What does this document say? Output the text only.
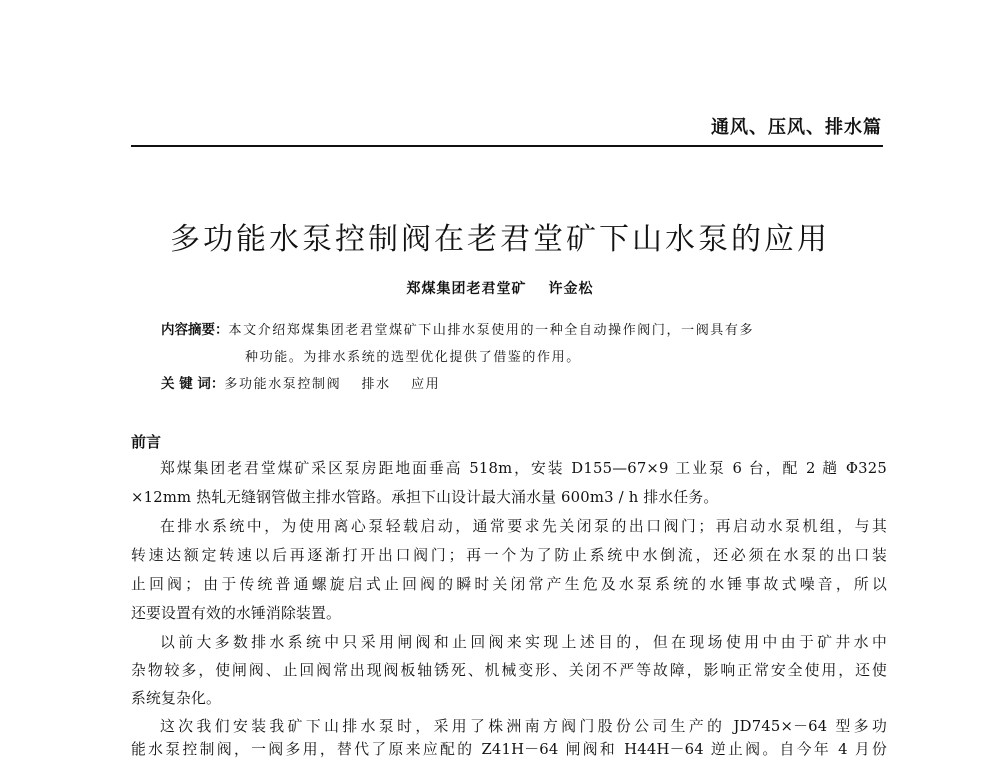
通风、压风、排水篇
多功能水泵控制阀在老君堂矿下山水泵的应用
郑煤集团老君堂矿 许金松
内容摘要：本文介绍郑煤集团老君堂煤矿下山排水泵使用的一种全自动操作阀门，一阀具有多
种功能。为排水系统的选型优化提供了借鉴的作用。
关 键 词：多功能水泵控制阀　 排水　 应用
前言
郑煤集团老君堂煤矿采区泵房距地面垂高 518m，安装 D155—67×9 工业泵 6 台，配 2 趟 Φ325
×12mm 热轧无缝钢管做主排水管路。承担下山设计最大涌水量 600m3 / h 排水任务。
在排水系统中，为使用离心泵轻载启动，通常要求先关闭泵的出口阀门；再启动水泵机组，与其
转速达额定转速以后再逐渐打开出口阀门；再一个为了防止系统中水倒流，还必须在水泵的出口装
止回阀；由于传统普通螺旋启式止回阀的瞬时关闭常产生危及水泵系统的水锤事故式噪音，所以
还要设置有效的水锤消除装置。
以前大多数排水系统中只采用闸阀和止回阀来实现上述目的，但在现场使用中由于矿井水中
杂物较多，使闸阀、止回阀常出现阀板轴锈死、机械变形、关闭不严等故障，影响正常安全使用，还使
系统复杂化。
这次我们安装我矿下山排水泵时，采用了株洲南方阀门股份公司生产的 JD745×－64 型多功
能水泵控制阀，一阀多用，替代了原来应配的 Z41H－64 闸阀和 H44H－64 逆止阀。自今年 4 月份
